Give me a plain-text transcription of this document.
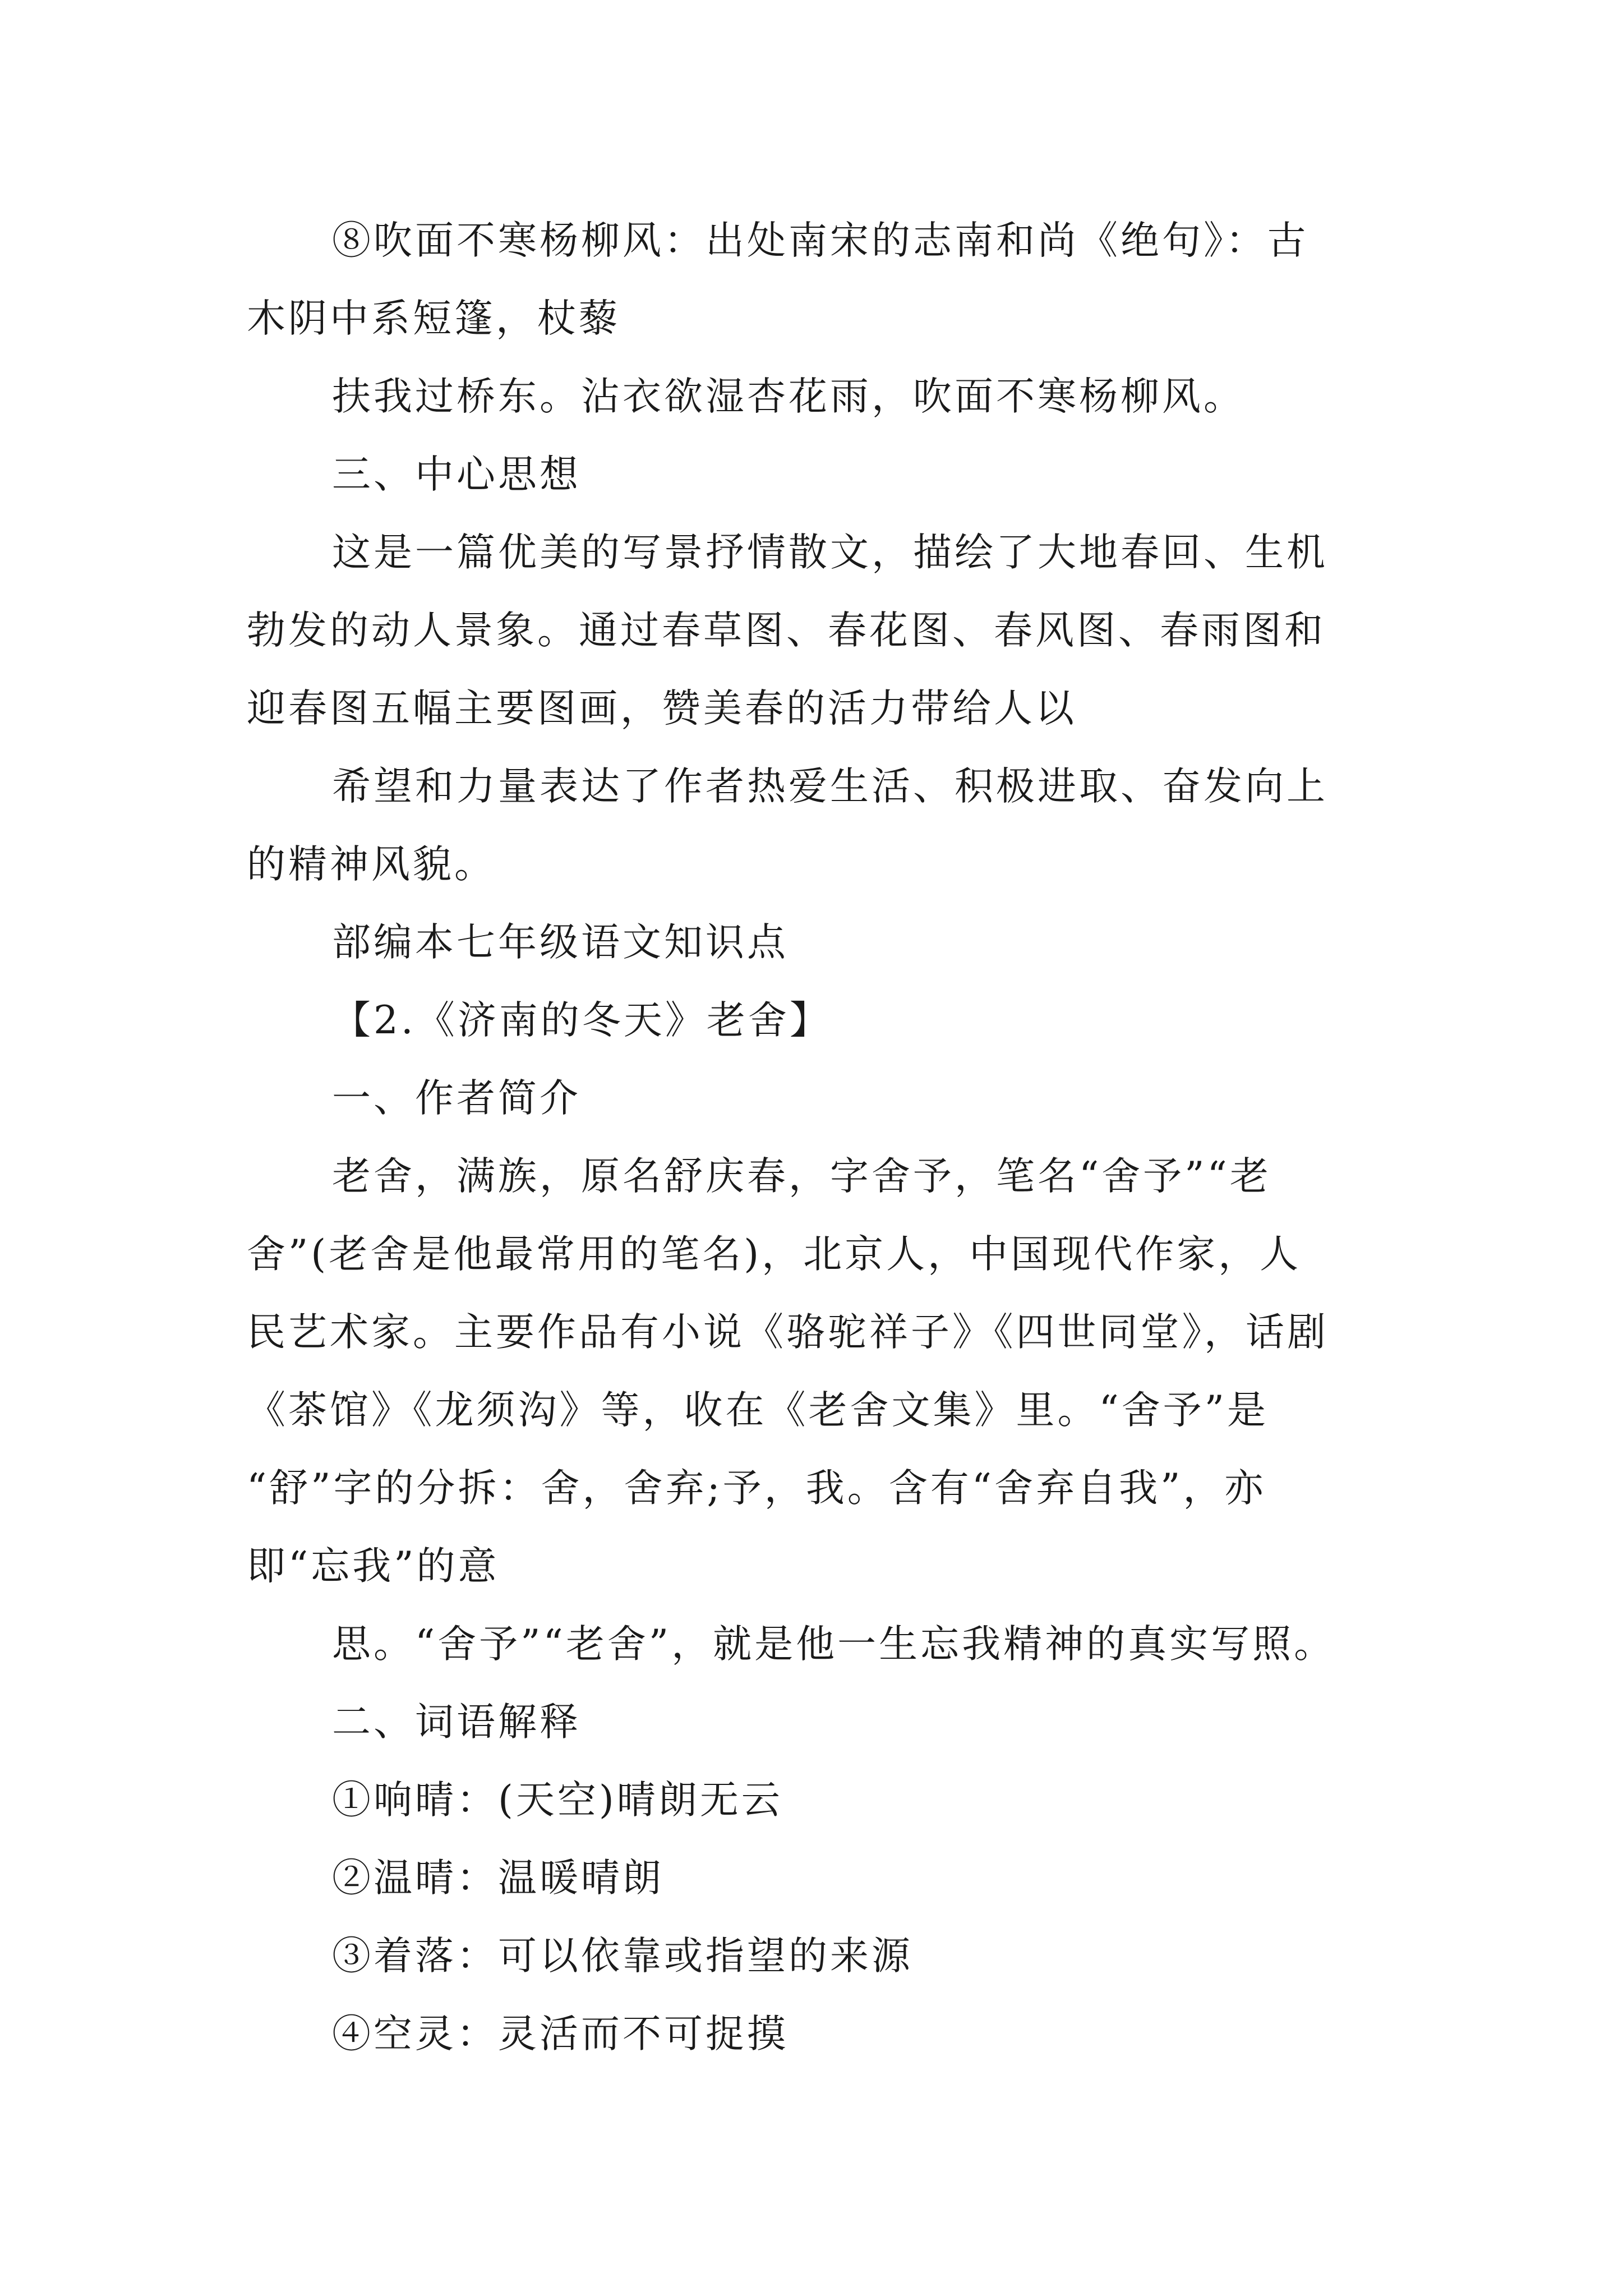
⑧吹面不寒杨柳风：出处南宋的志南和尚《绝句》：古
木阴中系短篷，杖藜

扶我过桥东。沾衣欲湿杏花雨，吹面不寒杨柳风。

三、中心思想

这是一篇优美的写景抒情散文，描绘了大地春回、生机
勃发的动人景象。通过春草图、春花图、春风图、春雨图和
迎春图五幅主要图画，赞美春的活力带给人以

希望和力量表达了作者热爱生活、积极进取、奋发向上
的精神风貌。

部编本七年级语文知识点

【2.《济南的冬天》老舍】

一、作者简介

老舍，满族，原名舒庆春，字舍予，笔名“舍予”“老
舍”(老舍是他最常用的笔名)，北京人，中国现代作家，人
民艺术家。主要作品有小说《骆驼祥子》《四世同堂》，话剧
《茶馆》《龙须沟》等，收在《老舍文集》里。“舍予”是
“舒”字的分拆：舍，舍弃;予，我。含有“舍弃自我”，亦
即“忘我”的意

思。“舍予”“老舍”，就是他一生忘我精神的真实写照。

二、词语解释

①响晴：(天空)晴朗无云

②温晴：温暖晴朗

③着落：可以依靠或指望的来源

④空灵：灵活而不可捉摸
